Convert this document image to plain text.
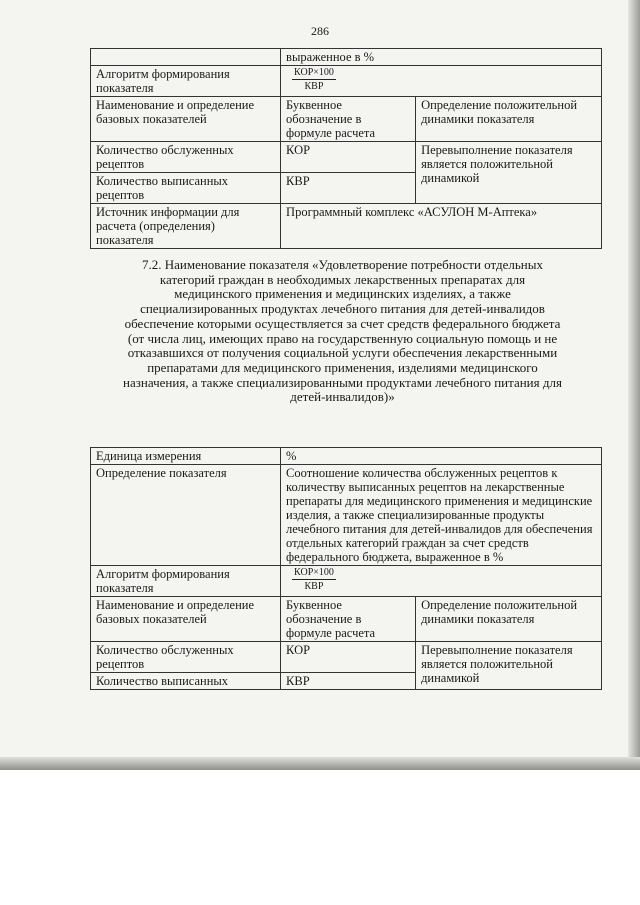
286
	выраженное в %	
Алгоритм формирования показателя	$\frac{\text{КОР×100}}{\text{КВР}}$

Наименование и определение базовых показателей	Буквенное обозначение в формуле расчета	Определение положительной динамики показателя
Количество обслуженных рецептов	КОР	Перевыполнение показателя является положительной динамикой
Количество выписанных рецептов	КВР	
Источник информации для расчета (определения) показателя	Программный комплекс «АСУЛОН М-Аптека»	
7.2. Наименование показателя «Удовлетворение потребности отдельных категорий граждан в необходимых лекарственных препаратах для медицинского применения и медицинских изделиях, а также специализированных продуктах лечебного питания для детей-инвалидов обеспечение которыми осуществляется за счет средств федерального бюджета (от числа лиц, имеющих право на государственную социальную помощь и не отказавшихся от получения социальной услуги обеспечения лекарственными препаратами для медицинского применения, изделиями медицинского назначения, а также специализированными продуктами лечебного питания для детей-инвалидов)»
Единица измерения	%	
Определение показателя	Соотношение количества обслуженных рецептов к количеству выписанных рецептов на лекарственные препараты для медицинского применения и медицинские изделия, а также специализированные продукты лечебного питания для детей-инвалидов для обеспечения отдельных категорий граждан за счет средств федерального бюджета, выраженное в %	
Алгоритм формирования показателя	$\frac{\text{КОР×100}}{\text{КВР}}$

Наименование и определение базовых показателей	Буквенное обозначение в формуле расчета	Определение положительной динамики показателя
Количество обслуженных рецептов	КОР	Перевыполнение показателя является положительной динамикой
Количество выписанных	КВР	
